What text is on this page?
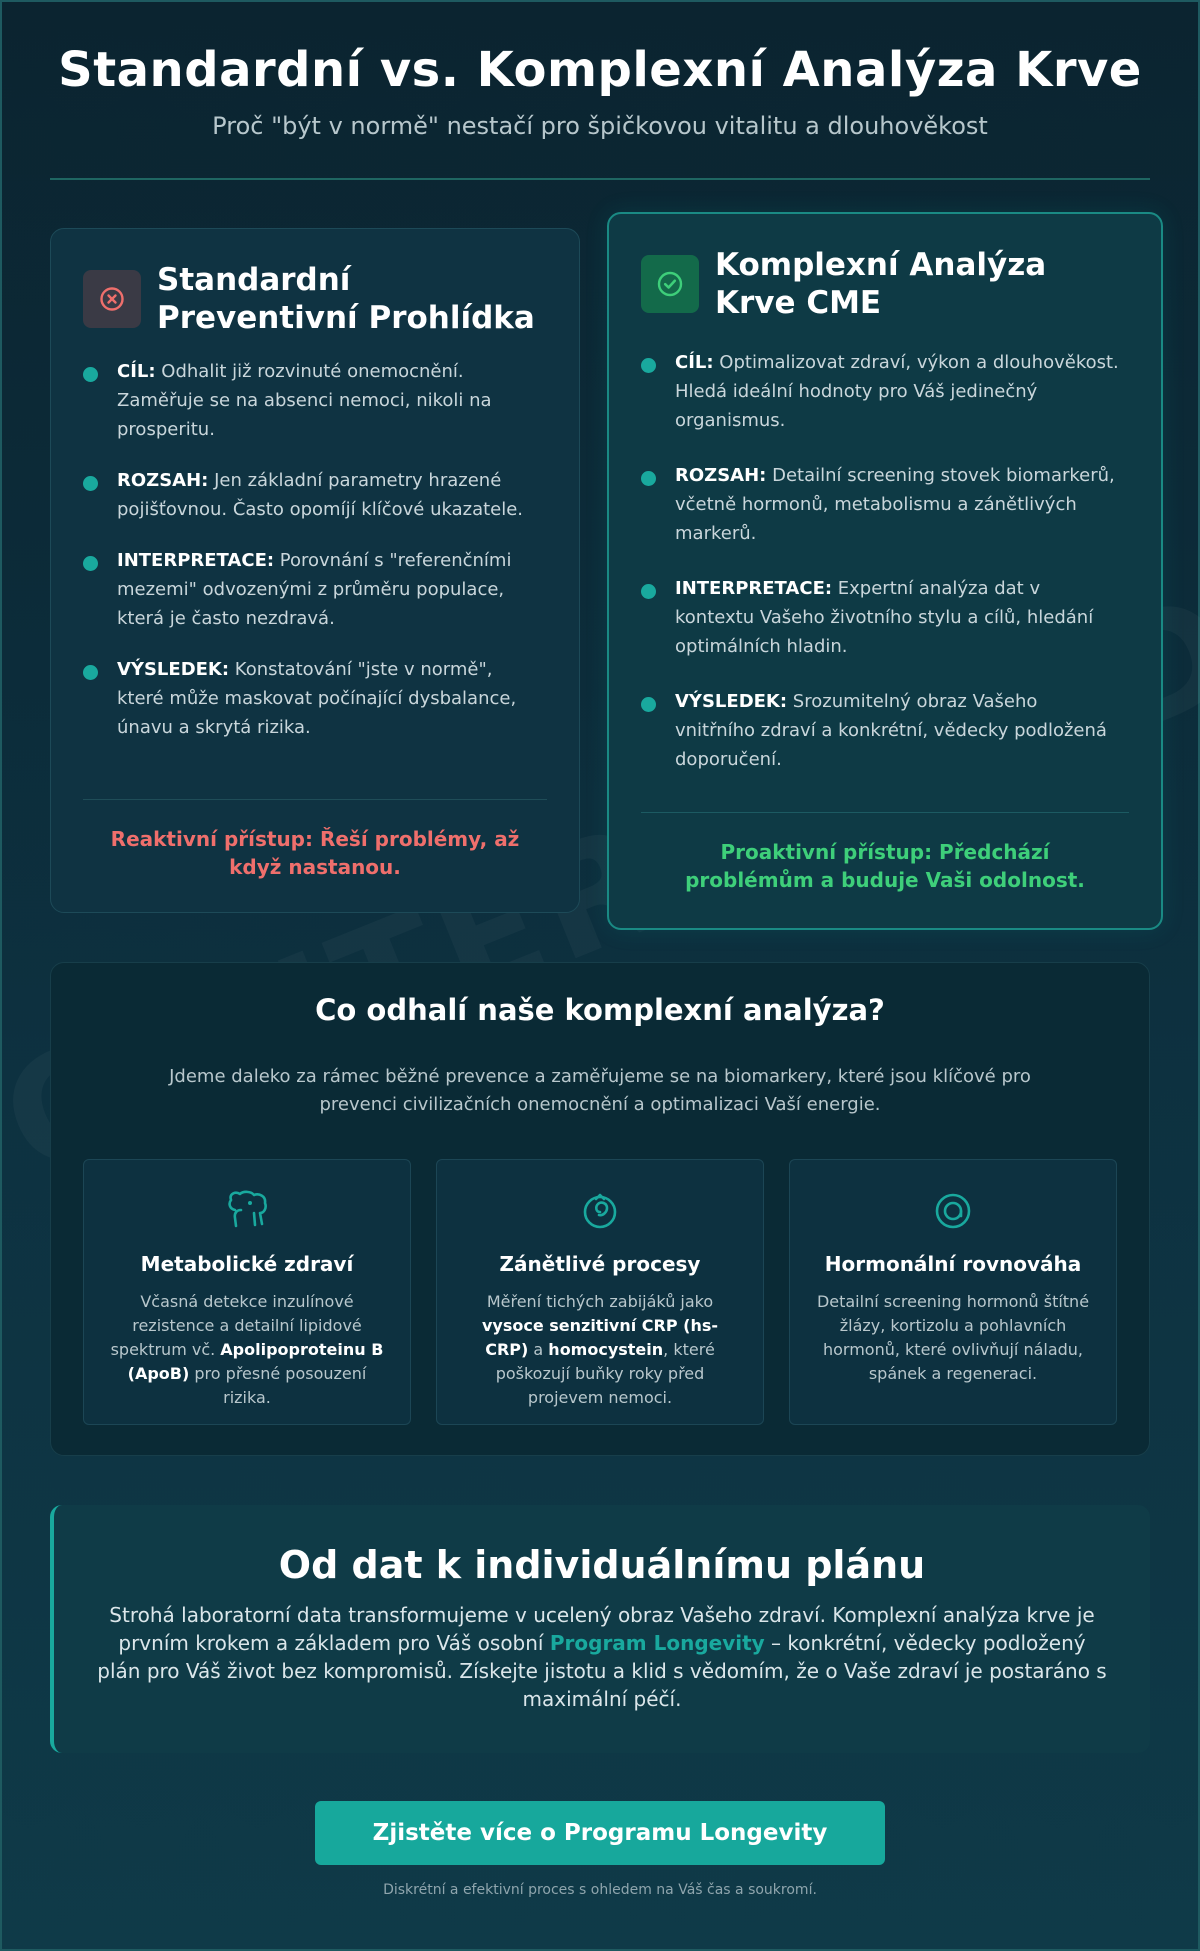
Standardní vs. Komplexní Analýza Krve
Proč "být v normě" nestačí pro špičkovou vitalitu a dlouhověkost
Standardní
Preventivní Prohlídka
CÍL: Odhalit již rozvinuté onemocnění. Zaměřuje se na absenci nemoci, nikoli na prosperitu.
ROZSAH: Jen základní parametry hrazené pojišťovnou. Často opomíjí klíčové ukazatele.
INTERPRETACE: Porovnání s "referenčními mezemi" odvozenými z průměru populace, která je často nezdravá.
VÝSLEDEK: Konstatování "jste v normě", které může maskovat počínající dysbalance, únavu a skrytá rizika.
Reaktivní přístup: Řeší problémy, až když nastanou.
Komplexní Analýza
Krve CME
CÍL: Optimalizovat zdraví, výkon a dlouhověkost. Hledá ideální hodnoty pro Váš jedinečný organismus.
ROZSAH: Detailní screening stovek biomarkerů, včetně hormonů, metabolismu a zánětlivých markerů.
INTERPRETACE: Expertní analýza dat v kontextu Vašeho životního stylu a cílů, hledání optimálních hladin.
VÝSLEDEK: Srozumitelný obraz Vašeho vnitřního zdraví a konkrétní, vědecky podložená doporučení.
Proaktivní přístup: Předchází problémům a buduje Vaši odolnost.
Co odhalí naše komplexní analýza?
Jdeme daleko za rámec běžné prevence a zaměřujeme se na biomarkery, které jsou klíčové pro prevenci civilizačních onemocnění a optimalizaci Vaší energie.
Metabolické zdraví
Včasná detekce inzulínové rezistence a detailní lipidové spektrum vč. Apolipoproteinu B (ApoB) pro přesné posouzení rizika.
Zánětlivé procesy
Měření tichých zabijáků jako vysoce senzitivní CRP (hs-CRP) a homocystein, které poškozují buňky roky před projevem nemoci.
Hormonální rovnováha
Detailní screening hormonů štítné žlázy, kortizolu a pohlavních hormonů, které ovlivňují náladu, spánek a regeneraci.
Od dat k individuálnímu plánu
Strohá laboratorní data transformujeme v ucelený obraz Vašeho zdraví. Komplexní analýza krve je prvním krokem a základem pro Váš osobní Program Longevity – konkrétní, vědecky podložený plán pro Váš život bez kompromisů. Získejte jistotu a klid s vědomím, že o Vaše zdraví je postaráno s maximální péčí.
Zjistěte více o Programu Longevity
Diskrétní a efektivní proces s ohledem na Váš čas a soukromí.
